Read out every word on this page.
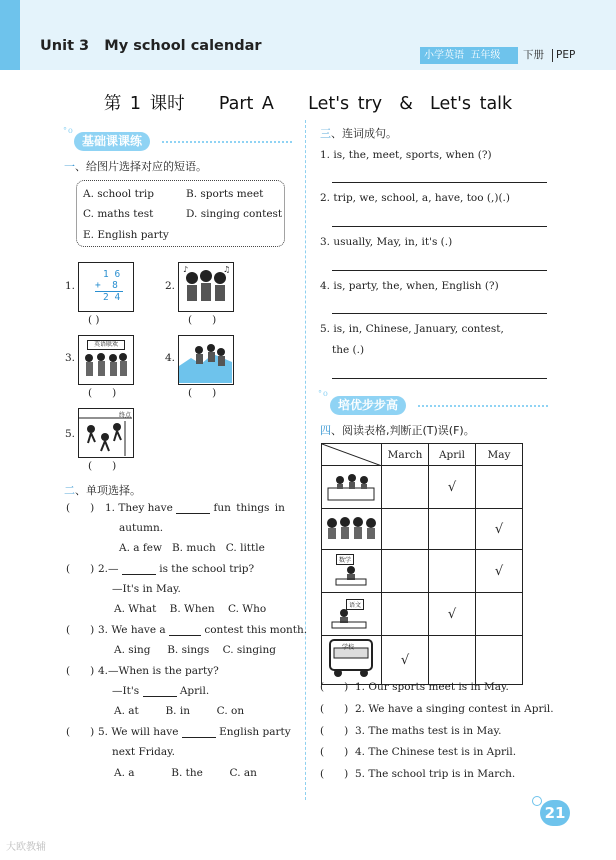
Unit 3   My school calendar
小学英语  五年级	下册 PEP
第 1 课时    Part A    Let's try  &  Let's talk
°o
基础课课练
一、给图片选择对应的短语。
A. school trip	B. sports meet
C. maths test	D. singing contest
E. English party
1.
1 6
+  8
2 4
( )
2.
♪	♫
(      )
3.
英语联欢
(      )
4.
(      )
5.
终点
(      )
二、单项选择。
(      ) 1. They have	fun things in
autumn.
A. a few B. much C. little
(      ) 2.—	is the school trip?
—It's in May.
A. What B. When C. Who
(      ) 3. We have a	contest this month.
A. sing B. sings C. singing
(      ) 4.—When is the party?
—It's	April.
A. at	B. in	C. on
(      ) 5. We will have	English party
next Friday.
A. a	B. the	C. an
三、连词成句。
1. is, the, meet, sports, when (?)
2. trip, we, school, a, have, too (,)(.)
3. usually, May, in, it's (.)
4. is, party, the, when, English (?)
5. is, in, Chinese, January, contest,
the (.)
°o
培优步步高
四、阅读表格,判断正(T)误(F)。
	March	April	May
		√	
			√

数学			√

语文		√	

学校	√		
(      ) 1. Our sports meet is in May.
(      ) 2. We have a singing contest in April.
(      ) 3. The maths test is in May.
(      ) 4. The Chinese test is in April.
(      ) 5. The school trip is in March.
21
大欧教辅
